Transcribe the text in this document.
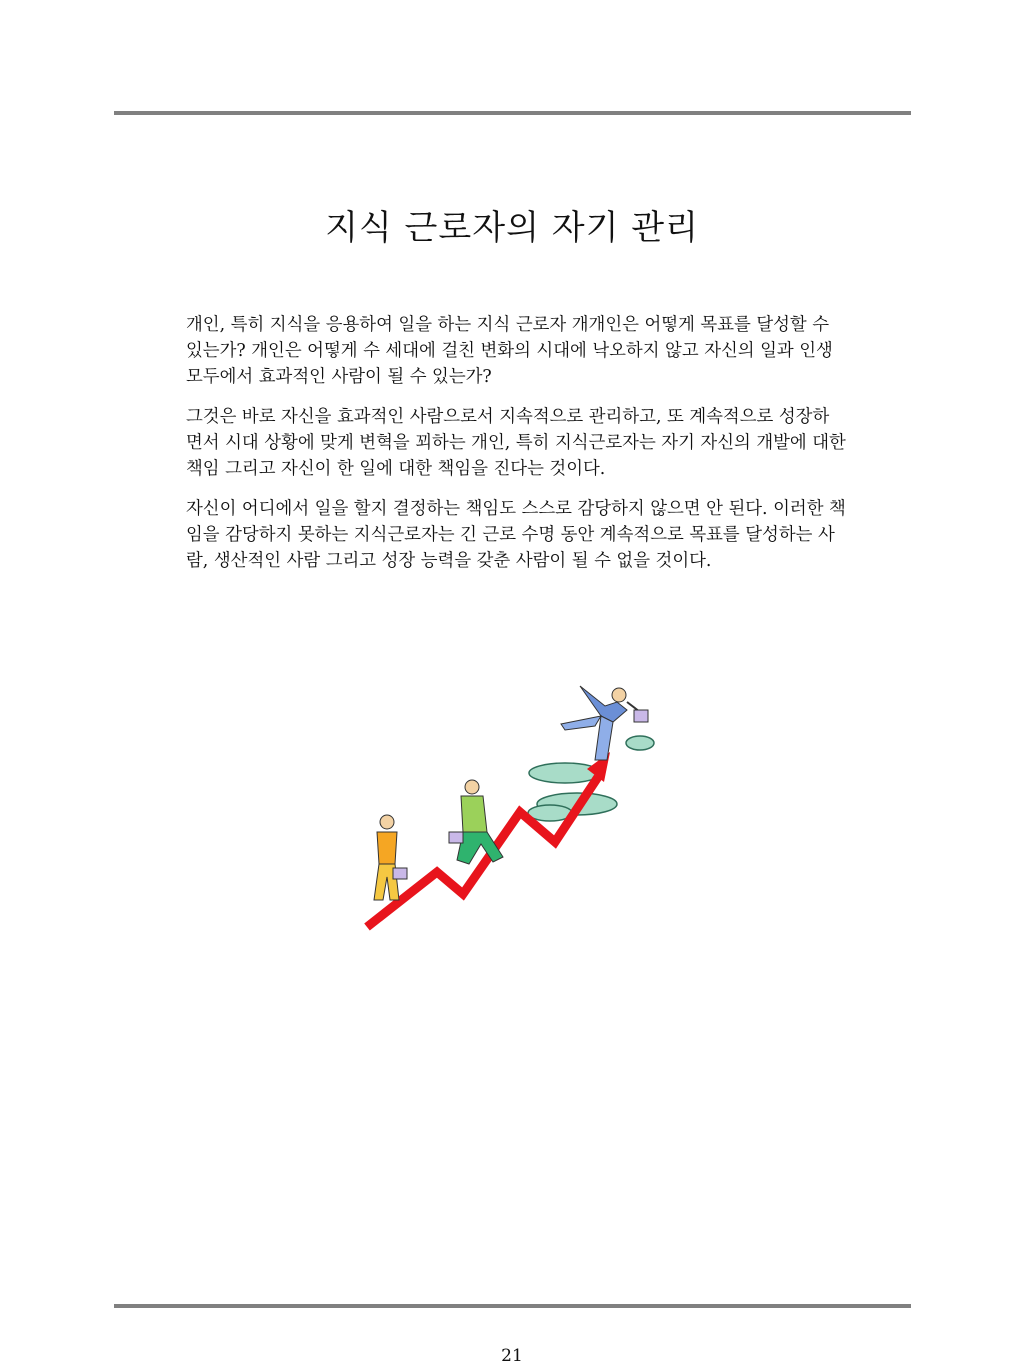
지식 근로자의 자기 관리

개인, 특히 지식을 응용하여 일을 하는 지식 근로자 개개인은 어떻게 목표를 달성할 수 있는가? 개인은 어떻게 수 세대에 걸친 변화의 시대에 낙오하지 않고 자신의 일과 인생 모두에서 효과적인 사람이 될 수 있는가?

그것은 바로 자신을 효과적인 사람으로서 지속적으로 관리하고, 또 계속적으로 성장하면서 시대 상황에 맞게 변혁을 꾀하는 개인, 특히 지식근로자는 자기 자신의 개발에 대한 책임 그리고 자신이 한 일에 대한 책임을 진다는 것이다.

자신이 어디에서 일을 할지 결정하는 책임도 스스로 감당하지 않으면 안 된다. 이러한 책임을 감당하지 못하는 지식근로자는 긴 근로 수명 동안 계속적으로 목표를 달성하는 사람, 생산적인 사람 그리고 성장 능력을 갖춘 사람이 될 수 없을 것이다.

21
